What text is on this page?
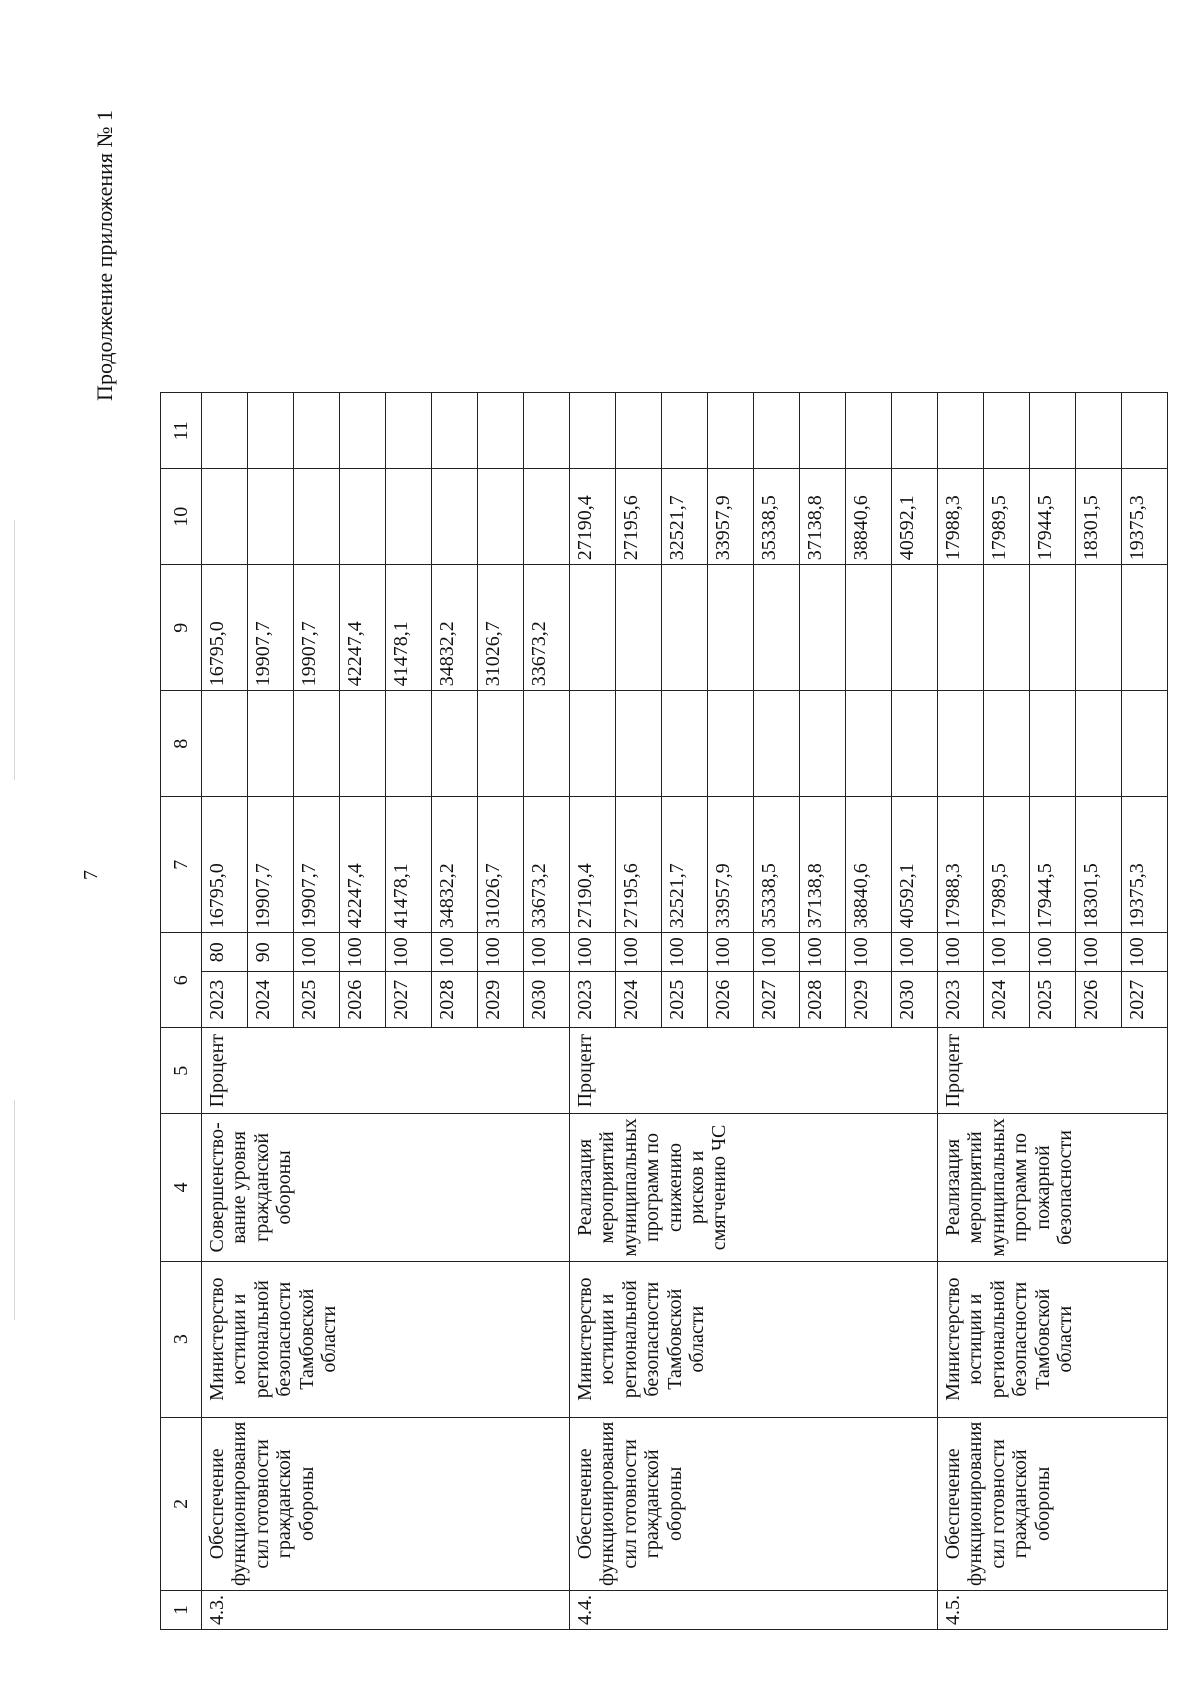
7
Продолжение приложения № 1
1	2	3	4	5	6		7	8	9	10	11
4.3.	Обеспечение функционирования сил готовности гражданской обороны	Министерство юстиции и региональной безопасности Тамбовской области	Совершенство-вание уровня гражданской обороны	Процент	2023	80	16795,0		16795,0		
					2024	90	19907,7		19907,7		
					2025	100	19907,7		19907,7		
					2026	100	42247,4		42247,4		
					2027	100	41478,1		41478,1		
					2028	100	34832,2		34832,2		
					2029	100	31026,7		31026,7		
					2030	100	33673,2		33673,2		
4.4.	Обеспечение функционирования сил готовности гражданской обороны	Министерство юстиции и региональной безопасности Тамбовской области	Реализация мероприятий муниципальных программ по снижению рисков и смягчению ЧС	Процент	2023	100	27190,4			27190,4	
					2024	100	27195,6			27195,6	
					2025	100	32521,7			32521,7	
					2026	100	33957,9			33957,9	
					2027	100	35338,5			35338,5	
					2028	100	37138,8			37138,8	
					2029	100	38840,6			38840,6	
					2030	100	40592,1			40592,1	
4.5.	Обеспечение функционирования сил готовности гражданской обороны	Министерство юстиции и региональной безопасности Тамбовской области	Реализация мероприятий муниципальных программ по пожарной безопасности	Процент	2023	100	17988,3			17988,3	
					2024	100	17989,5			17989,5	
					2025	100	17944,5			17944,5	
					2026	100	18301,5			18301,5	
					2027	100	19375,3			19375,3	
